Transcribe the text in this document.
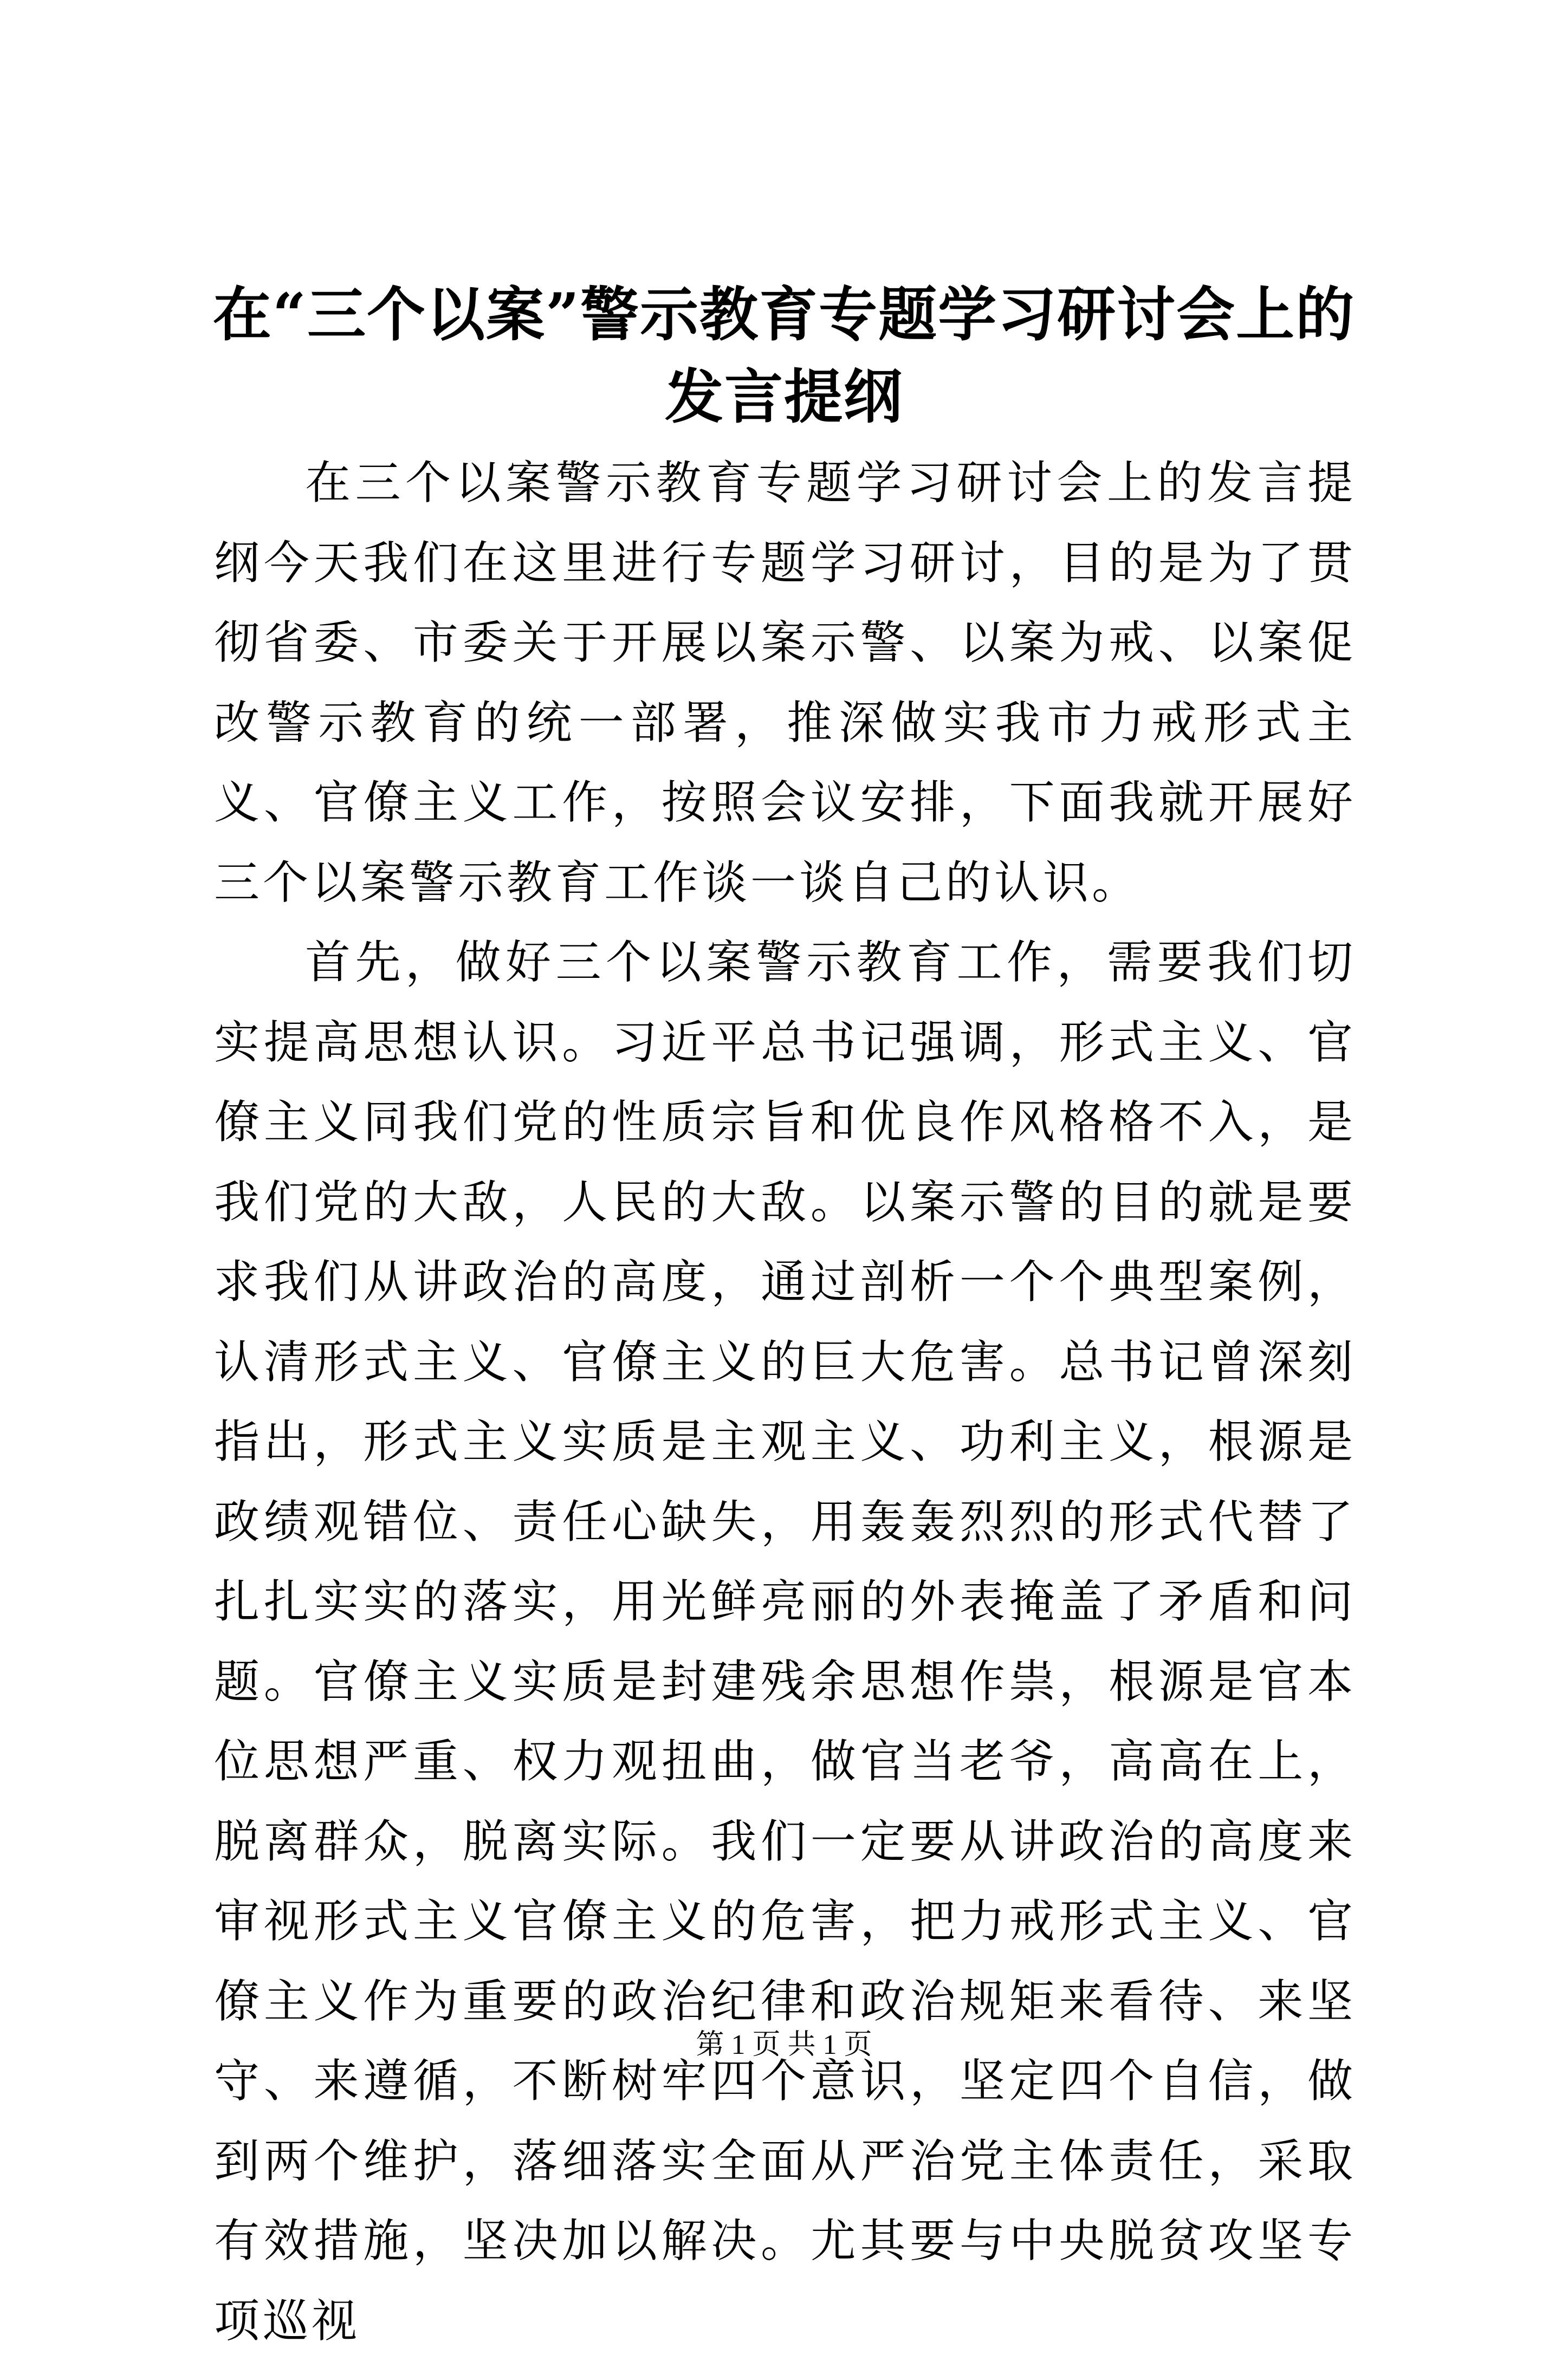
在“三个以案”警示教育专题学习研讨会上的
发言提纲

在三个以案警示教育专题学习研讨会上的发言提纲今天我们在这里进行专题学习研讨，目的是为了贯彻省委、市委关于开展以案示警、以案为戒、以案促改警示教育的统一部署，推深做实我市力戒形式主义、官僚主义工作，按照会议安排，下面我就开展好三个以案警示教育工作谈一谈自己的认识。

首先，做好三个以案警示教育工作，需要我们切实提高思想认识。习近平总书记强调，形式主义、官僚主义同我们党的性质宗旨和优良作风格格不入，是我们党的大敌，人民的大敌。以案示警的目的就是要求我们从讲政治的高度，通过剖析一个个典型案例，认清形式主义、官僚主义的巨大危害。总书记曾深刻指出，形式主义实质是主观主义、功利主义，根源是政绩观错位、责任心缺失，用轰轰烈烈的形式代替了扎扎实实的落实，用光鲜亮丽的外表掩盖了矛盾和问题。官僚主义实质是封建残余思想作祟，根源是官本位思想严重、权力观扭曲，做官当老爷，高高在上，脱离群众，脱离实际。我们一定要从讲政治的高度来审视形式主义官僚主义的危害，把力戒形式主义、官僚主义作为重要的政治纪律和政治规矩来看待、来坚守、来遵循，不断树牢四个意识，坚定四个自信，做到两个维护，落细落实全面从严治党主体责任，采取有效措施，坚决加以解决。尤其要与中央脱贫攻坚专项巡视

第 1 页 共 1 页
